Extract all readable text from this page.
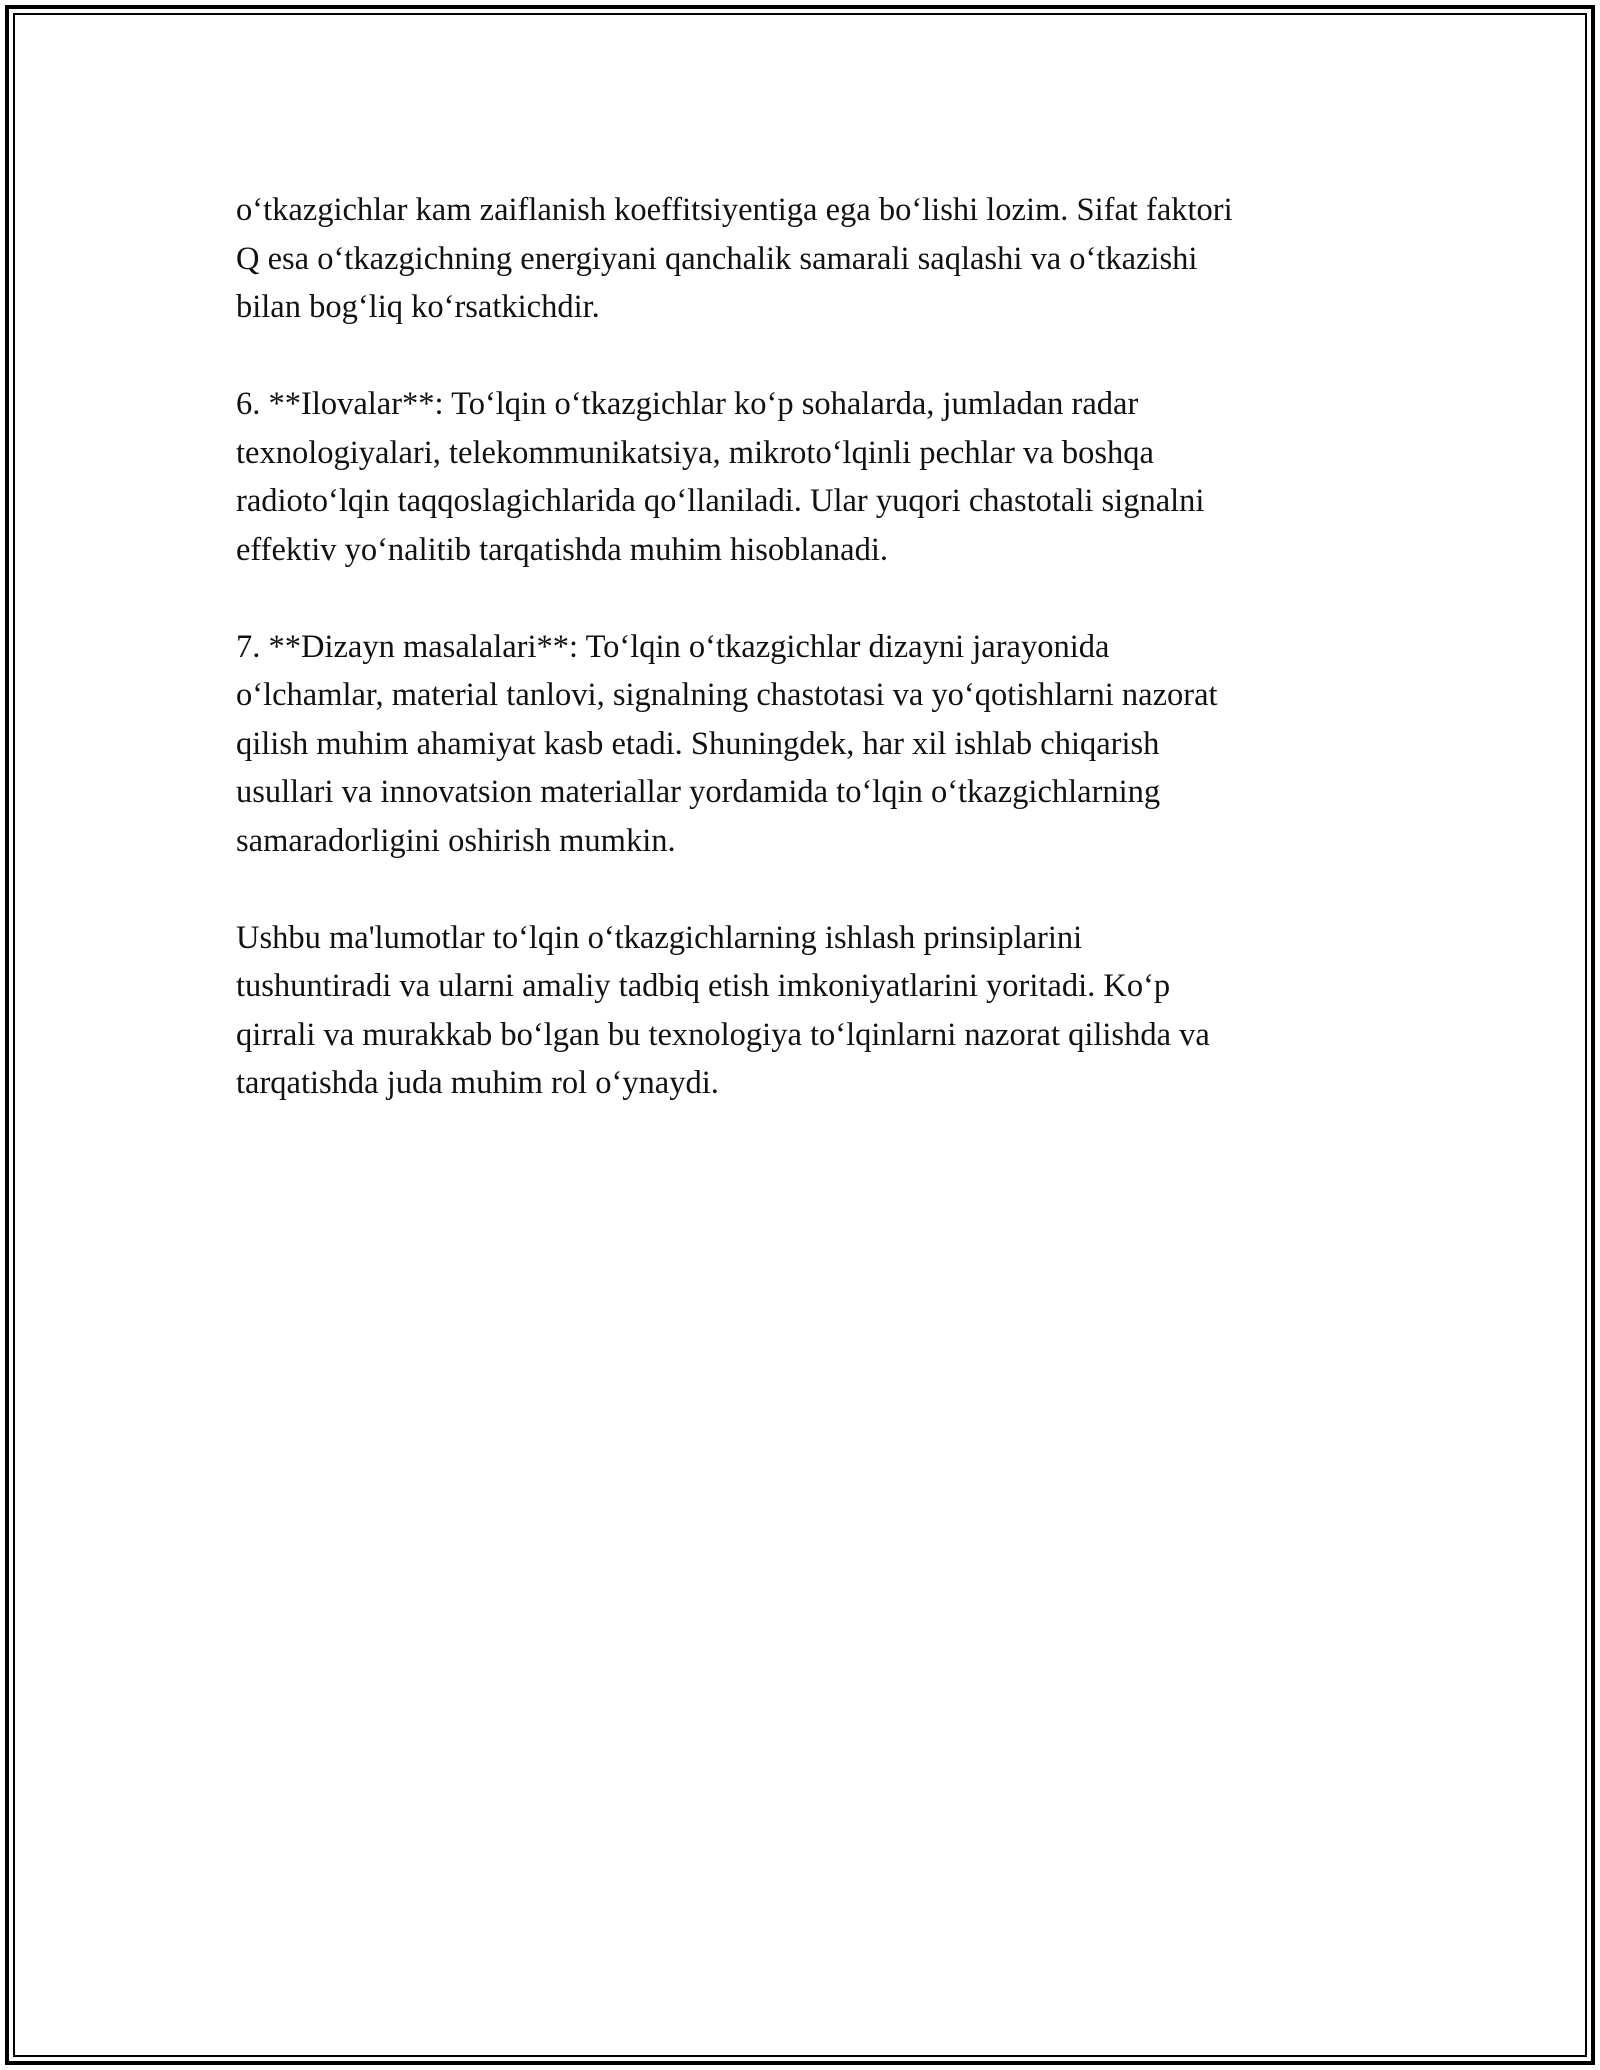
o‘tkazgichlar kam zaiflanish koeffitsiyentiga ega bo‘lishi lozim. Sifat faktori
Q esa o‘tkazgichning energiyani qanchalik samarali saqlashi va o‘tkazishi
bilan bog‘liq ko‘rsatkichdir.

6. **Ilovalar**: To‘lqin o‘tkazgichlar ko‘p sohalarda, jumladan radar
texnologiyalari, telekommunikatsiya, mikroto‘lqinli pechlar va boshqa
radioto‘lqin taqqoslagichlarida qo‘llaniladi. Ular yuqori chastotali signalni
effektiv yo‘nalitib tarqatishda muhim hisoblanadi.

7. **Dizayn masalalari**: To‘lqin o‘tkazgichlar dizayni jarayonida
o‘lchamlar, material tanlovi, signalning chastotasi va yo‘qotishlarni nazorat
qilish muhim ahamiyat kasb etadi. Shuningdek, har xil ishlab chiqarish
usullari va innovatsion materiallar yordamida to‘lqin o‘tkazgichlarning
samaradorligini oshirish mumkin.

Ushbu ma'lumotlar to‘lqin o‘tkazgichlarning ishlash prinsiplarini
tushuntiradi va ularni amaliy tadbiq etish imkoniyatlarini yoritadi. Ko‘p
qirrali va murakkab bo‘lgan bu texnologiya to‘lqinlarni nazorat qilishda va
tarqatishda juda muhim rol o‘ynaydi.
